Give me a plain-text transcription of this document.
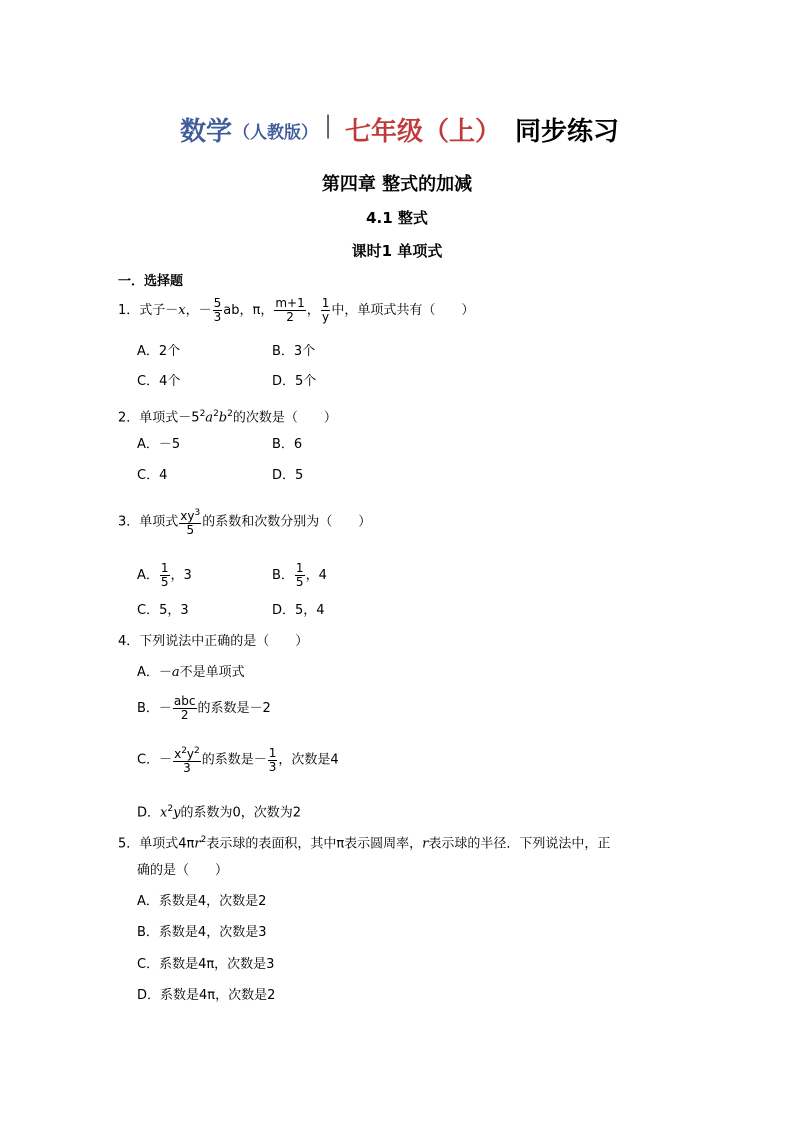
数学 （人教版） | 七年级（上） 同步练习
第四章 整式的加减
4.1 整式
课时1 单项式
一．选择题
1．式子－x，－ $\frac{5}{3}$ ab，π， $\frac{m+1}{2}$ ， $\frac{1}{y}$ 中，单项式共有（　　）
A．2个	B．3个
C．4个	D．5个
2．单项式$-5^2a^2b^2$的次数是（　　）
A．－5	B．6
C．4	D．5
3．单项式 $\frac{xy^3}{5}$ 的系数和次数分别为（　　）
A． $\frac{1}{5}$ ，3	B． $\frac{1}{5}$ ，4
C．5，3	D．5，4
4．下列说法中正确的是（　　）
A．－a不是单项式
B．－ $\frac{\text{abc}}{2}$ 的系数是－2
C．－ $\frac{x^2y^2}{3}$ 的系数是－ $\frac{1}{3}$ ，次数是4
D．$x^2y$的系数为0，次数为2
5．单项式$4\pi r^2$表示球的表面积，其中π表示圆周率，r表示球的半径．下列说法中，正
确的是（　　）
A．系数是4，次数是2
B．系数是4，次数是3
C．系数是4π，次数是3
D．系数是4π，次数是2
